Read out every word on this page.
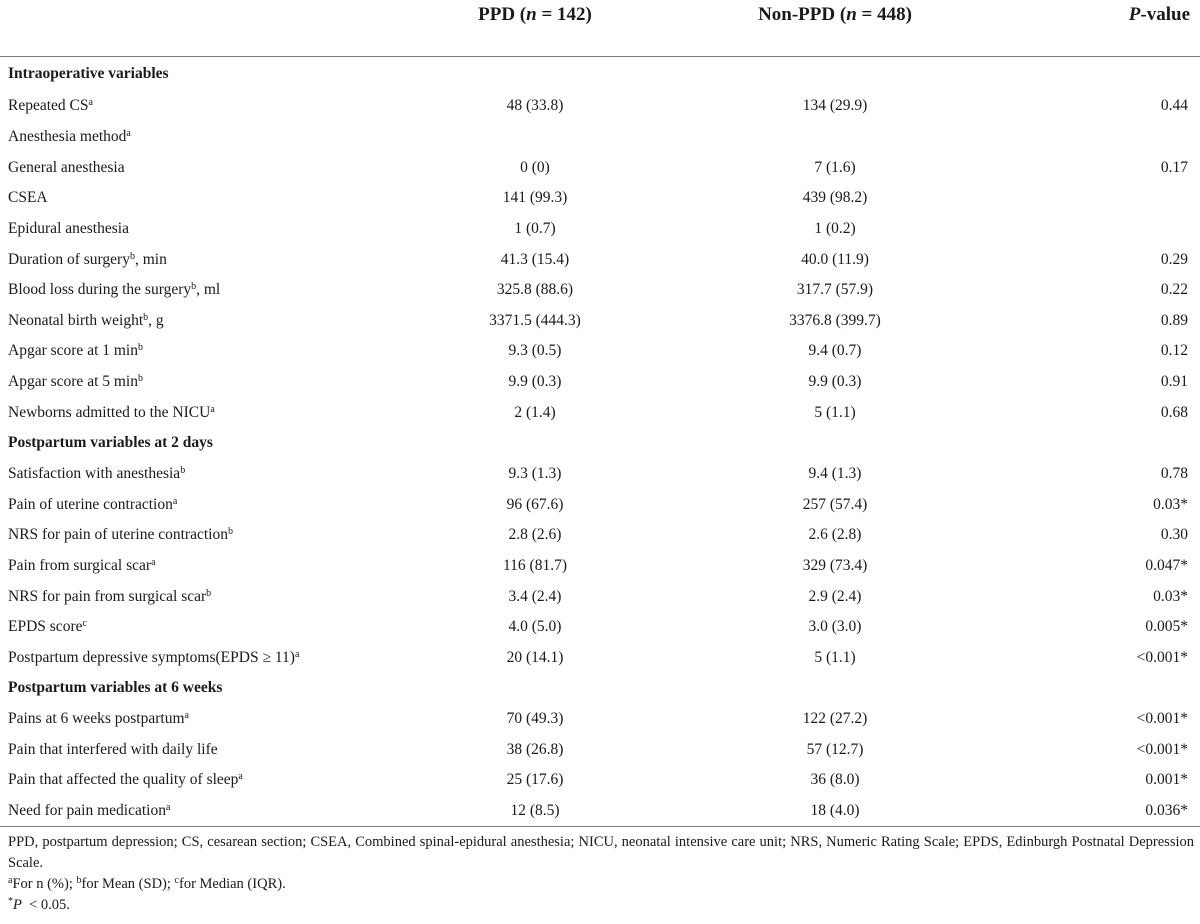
	PPD (n = 142)	Non-PPD (n = 448)	P-value
Intraoperative variables			
Repeated $CS^a$	48 (33.8)	134 (29.9)	0.44
Anesthesia method$^a$			
General anesthesia	0 (0)	7 (1.6)	0.17
CSEA	141 (99.3)	439 (98.2)	
Epidural anesthesia	1 (0.7)	1 (0.2)	
Duration of surgery$^b$, min	41.3 (15.4)	40.0 (11.9)	0.29
Blood loss during the surgery$^b$, ml	325.8 (88.6)	317.7 (57.9)	0.22
Neonatal birth weight$^b$, g	3371.5 (444.3)	3376.8 (399.7)	0.89
Apgar score at 1 $\min^b$	9.3 (0.5)	9.4 (0.7)	0.12
Apgar score at 5 $\min^b$	9.9 (0.3)	9.9 (0.3)	0.91
Newborns admitted to the NICU$^a$	2 (1.4)	5 (1.1)	0.68
Postpartum variables at 2 days			
Satisfaction with anesthesia$^b$	9.3 (1.3)	9.4 (1.3)	0.78
Pain of uterine contraction$^a$	96 (67.6)	257 (57.4)	0.03*
NRS for pain of uterine contraction$^b$	2.8 (2.6)	2.6 (2.8)	0.30
Pain from surgical scar$^a$	116 (81.7)	329 (73.4)	0.047*
NRS for pain from surgical scar$^b$	3.4 (2.4)	2.9 (2.4)	0.03*
EPDS score$^c$	4.0 (5.0)	3.0 (3.0)	0.005*
Postpartum depressive symptoms(EPDS ≥ 11)$^a$	20 (14.1)	5 (1.1)	<0.001*
Postpartum variables at 6 weeks			
Pains at 6 weeks postpartum$^a$	70 (49.3)	122 (27.2)	<0.001*
Pain that interfered with daily life	38 (26.8)	57 (12.7)	<0.001*
Pain that affected the quality of sleep$^a$	25 (17.6)	36 (8.0)	0.001*
Need for pain medication$^a$	12 (8.5)	18 (4.0)	0.036*

PPD, postpartum depression; CS, cesarean section; CSEA, Combined spinal-epidural anesthesia; NICU, neonatal intensive care unit; NRS, Numeric Rating Scale; EPDS, Edinburgh Postnatal Depression Scale.

$^a$For n (%); $^b$for Mean (SD); $^c$for Median (IQR).

*P  < 0.05.
